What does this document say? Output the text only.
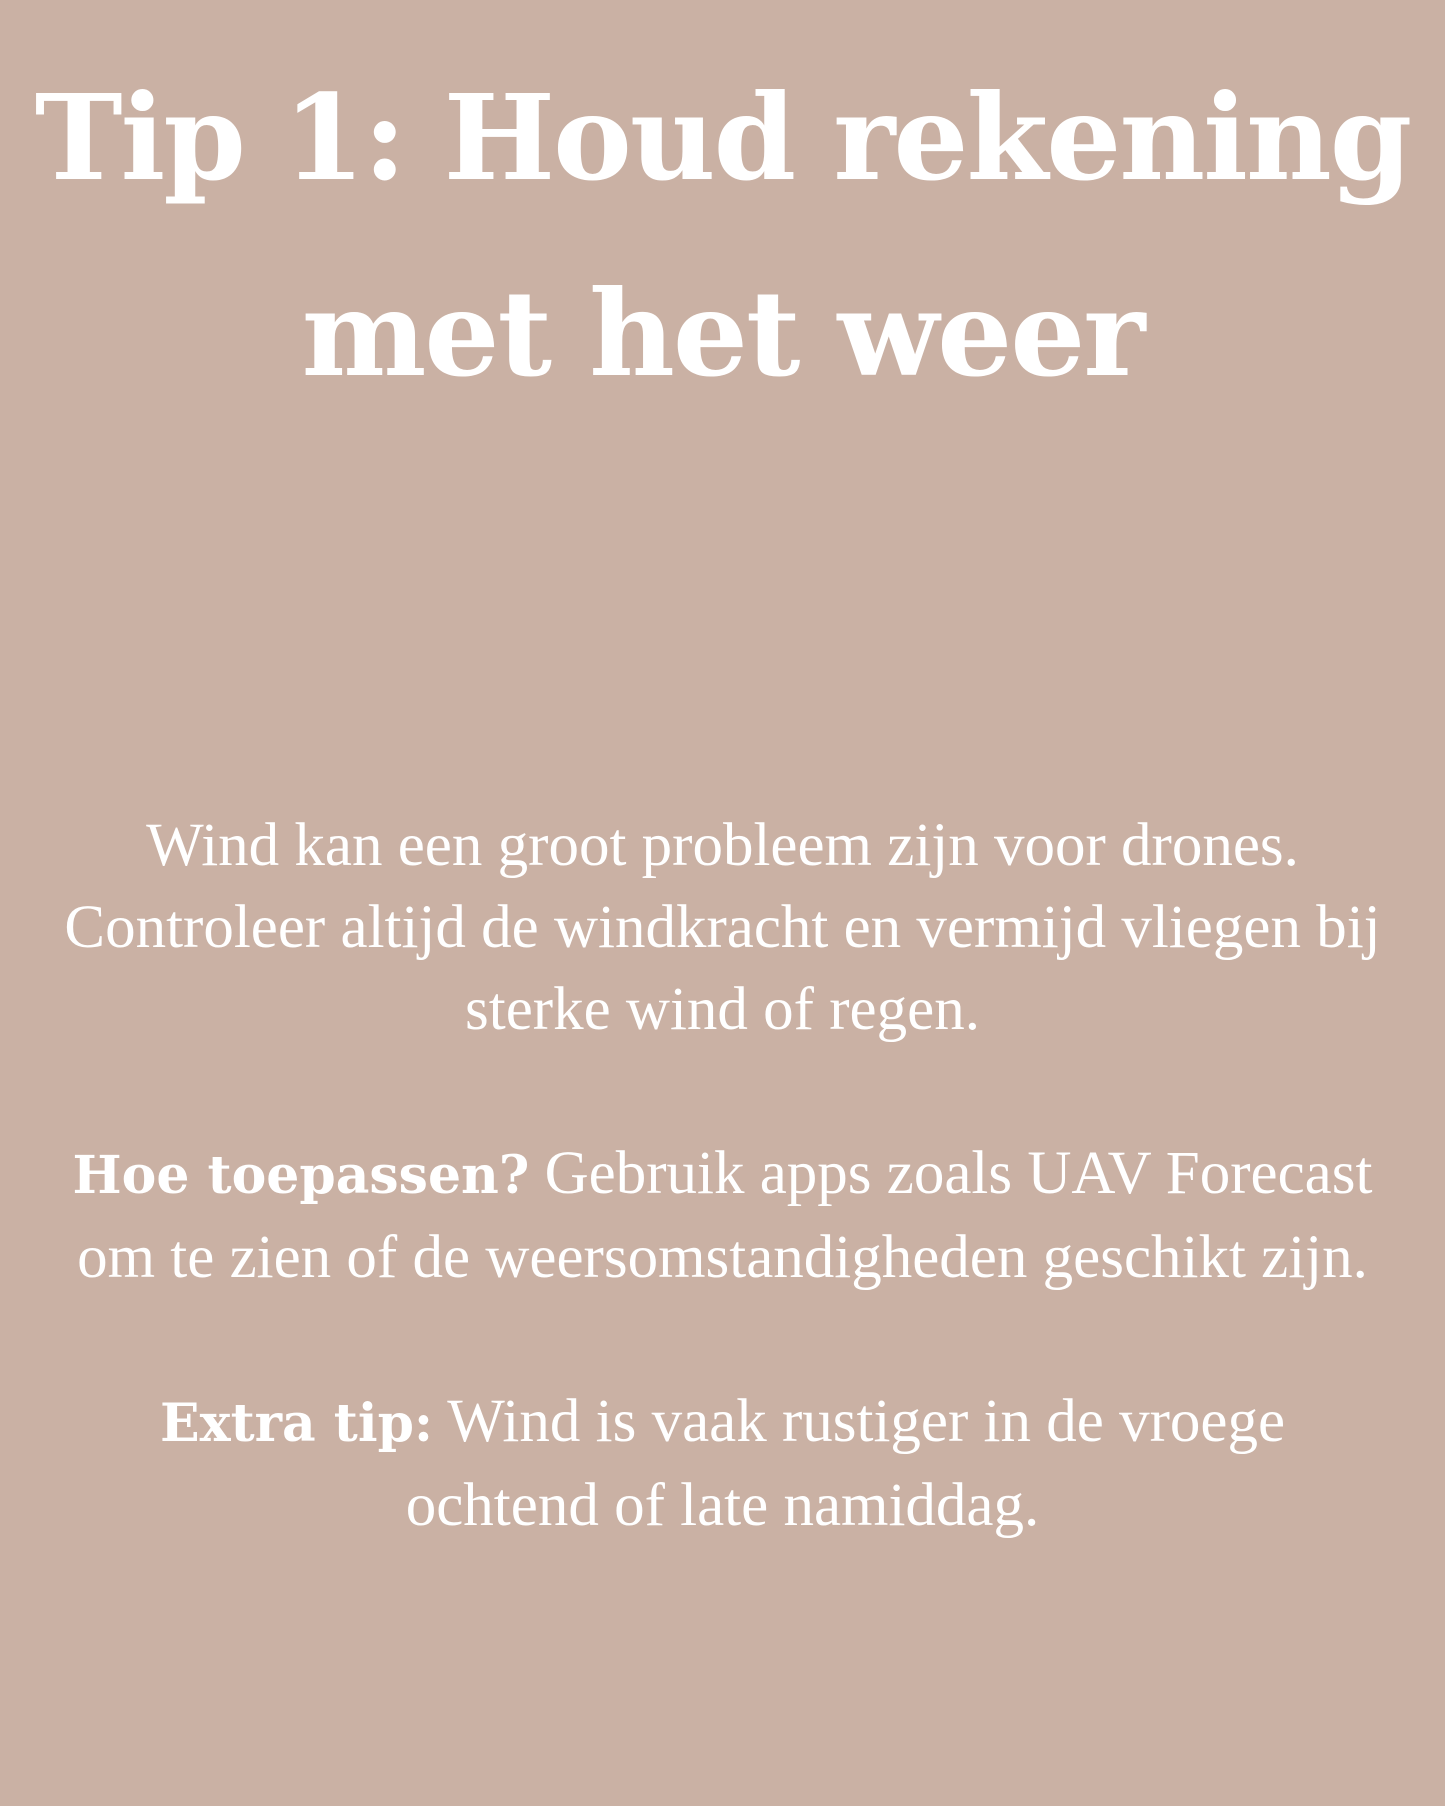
Tip 1: Houd rekening
met het weer

Wind kan een groot probleem zijn voor drones. Controleer altijd de windkracht en vermijd vliegen bij sterke wind of regen.

Hoe toepassen? Gebruik apps zoals UAV Forecast om te zien of de weersomstandigheden geschikt zijn.

Extra tip: Wind is vaak rustiger in de vroege ochtend of late namiddag.
